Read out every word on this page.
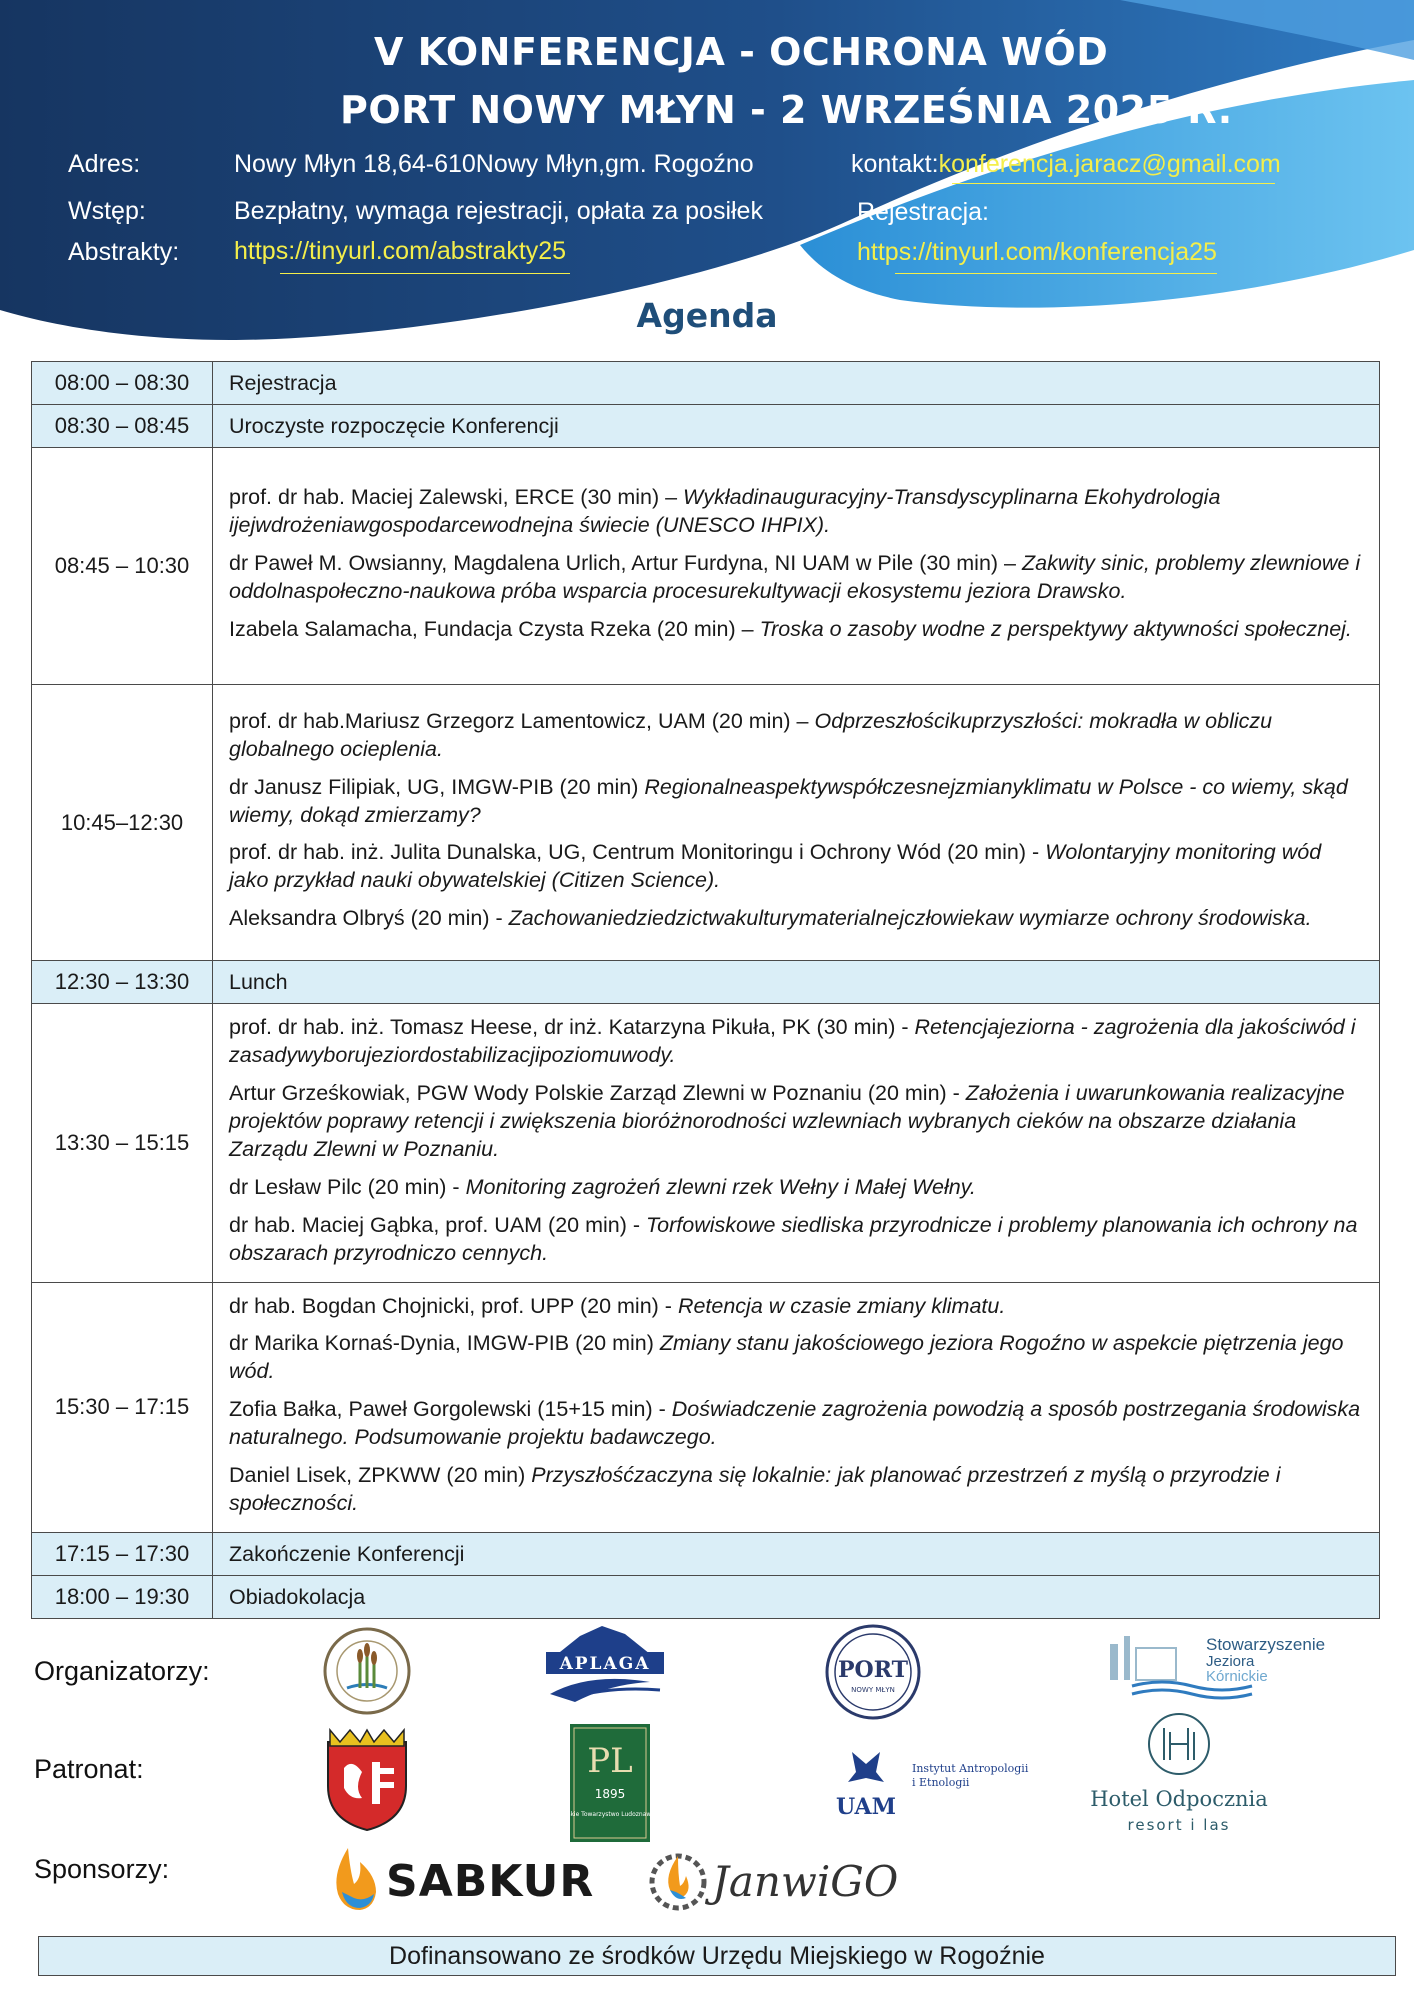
V KONFERENCJA - OCHRONA WÓD
PORT NOWY MŁYN - 2 WRZEŚNIA 2025 R.
Adres:	Nowy Młyn 18,64-610Nowy Młyn,gm. Rogoźno	kontakt:konferencja.jaracz@gmail.com
Wstęp:	Bezpłatny, wymaga rejestracji, opłata za posiłek	Rejestracja:
Abstrakty: https://tinyurl.com/abstrakty25	https://tinyurl.com/konferencja25
Agenda
08:00 – 08:30	Rejestracja

08:30 – 08:45	Uroczyste rozpoczęcie Konferencji

08:45 – 10:30	prof. dr hab. Maciej Zalewski, ERCE (30 min) – Wykładinauguracyjny-Transdyscyplinarna Ekohydrologia ijejwdrożeniawgospodarcewodnejna świecie (UNESCO IHPIX).
dr Paweł M. Owsianny, Magdalena Urlich, Artur Furdyna, NI UAM w Pile (30 min) – Zakwity sinic, problemy zlewniowe i oddolnaspołeczno-naukowa próba wsparcia procesurekultywacji ekosystemu jeziora Drawsko.
Izabela Salamacha, Fundacja Czysta Rzeka (20 min) – Troska o zasoby wodne z perspektywy aktywności społecznej.

10:45–12:30	prof. dr hab.Mariusz Grzegorz Lamentowicz, UAM (20 min) – Odprzeszłościkuprzyszłości: mokradła w obliczu globalnego ocieplenia.
dr Janusz Filipiak, UG, IMGW-PIB (20 min) Regionalneaspektywspółczesnejzmianyklimatu w Polsce - co wiemy, skąd wiemy, dokąd zmierzamy?
prof. dr hab. inż. Julita Dunalska, UG, Centrum Monitoringu i Ochrony Wód (20 min) - Wolontaryjny monitoring wód jako przykład nauki obywatelskiej (Citizen Science).
Aleksandra Olbryś (20 min) - Zachowaniedziedzictwakulturymaterialnejczłowiekaw wymiarze ochrony środowiska.

12:30 – 13:30	Lunch

13:30 – 15:15	prof. dr hab. inż. Tomasz Heese, dr inż. Katarzyna Pikuła, PK (30 min) - Retencjajeziorna - zagrożenia dla jakościwód i zasadywyborujeziordostabilizacjipoziomuwody.
Artur Grześkowiak, PGW Wody Polskie Zarząd Zlewni w Poznaniu (20 min) - Założenia i uwarunkowania realizacyjne projektów poprawy retencji i zwiększenia bioróżnorodności wzlewniach wybranych cieków na obszarze działania Zarządu Zlewni w Poznaniu.
dr Lesław Pilc (20 min) - Monitoring zagrożeń zlewni rzek Wełny i Małej Wełny.
dr hab. Maciej Gąbka, prof. UAM (20 min) - Torfowiskowe siedliska przyrodnicze i problemy planowania ich ochrony na obszarach przyrodniczo cennych.

15:30 – 17:15	dr hab. Bogdan Chojnicki, prof. UPP (20 min) - Retencja w czasie zmiany klimatu.
dr Marika Kornaś-Dynia, IMGW-PIB (20 min) Zmiany stanu jakościowego jeziora Rogoźno w aspekcie piętrzenia jego wód.
Zofia Bałka, Paweł Gorgolewski (15+15 min) - Doświadczenie zagrożenia powodzią a sposób postrzegania środowiska naturalnego. Podsumowanie projektu badawczego.
Daniel Lisek, ZPKWW (20 min) Przyszłośćzaczyna się lokalnie: jak planować przestrzeń z myślą o przyrodzie i społeczności.

17:15 – 17:30	Zakończenie Konferencji

18:00 – 19:30	Obiadokolacja
Organizatorzy:
Patronat:
Sponsorzy:
APLAGA	PORT
NOWY MŁYN
Stowarzyszenie
Jeziora
Kórnickie
PL
1895
Polskie Towarzystwo Ludoznawcze	UAM
Instytut Antropologii
i Etnologii
Hotel Odpocznia
resort i las
SABKUR	JanwiGO
Dofinansowano ze środków Urzędu Miejskiego w Rogoźnie
